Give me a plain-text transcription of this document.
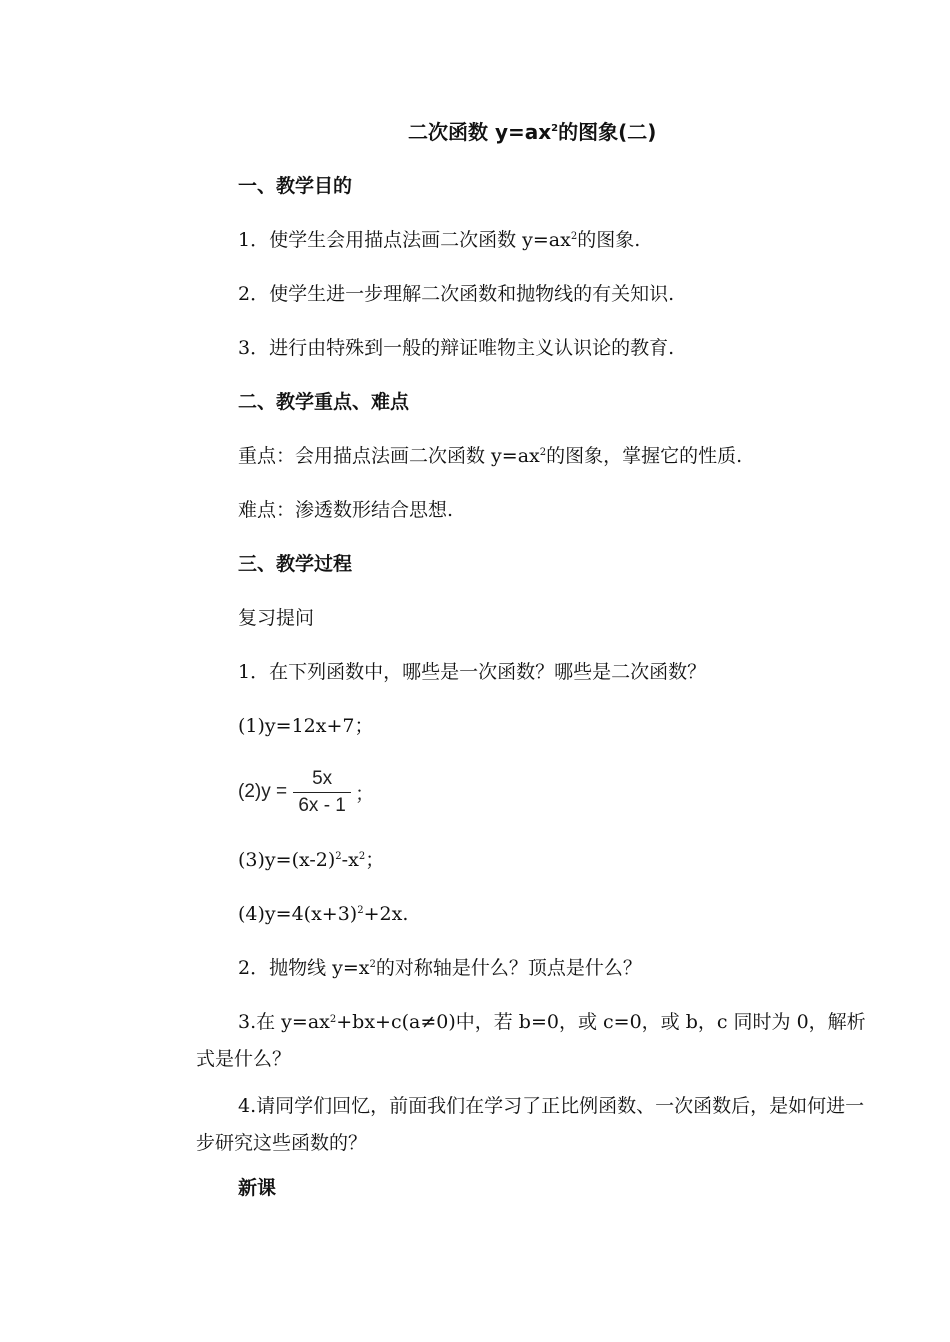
二次函数 $y=ax^2$的图象(二)
一、教学目的
1．使学生会用描点法画二次函数 $y=ax^2$的图象.
2．使学生进一步理解二次函数和抛物线的有关知识.
3．进行由特殊到一般的辩证唯物主义认识论的教育.
二、教学重点、难点
重点：会用描点法画二次函数 $y=ax^2$的图象，掌握它的性质.
难点：渗透数形结合思想.
三、教学过程
复习提问
1．在下列函数中，哪些是一次函数？哪些是二次函数？
(1)y=12x+7；
$(2)y = \frac{5x}{6x - 1}$ ；
$(3)y=(x-2)^2-x^2$；
$(4)y=4(x+3)^2+2x$.
2．抛物线 $y=x^2$的对称轴是什么？顶点是什么？
3.在 $y=ax^2+bx+c(a\ne 0)$中，若 b=0，或 c=0，或 b，c 同时为 0，解析式是什么？
4.请同学们回忆，前面我们在学习了正比例函数、一次函数后，是如何进一步研究这些函数的？
新课
